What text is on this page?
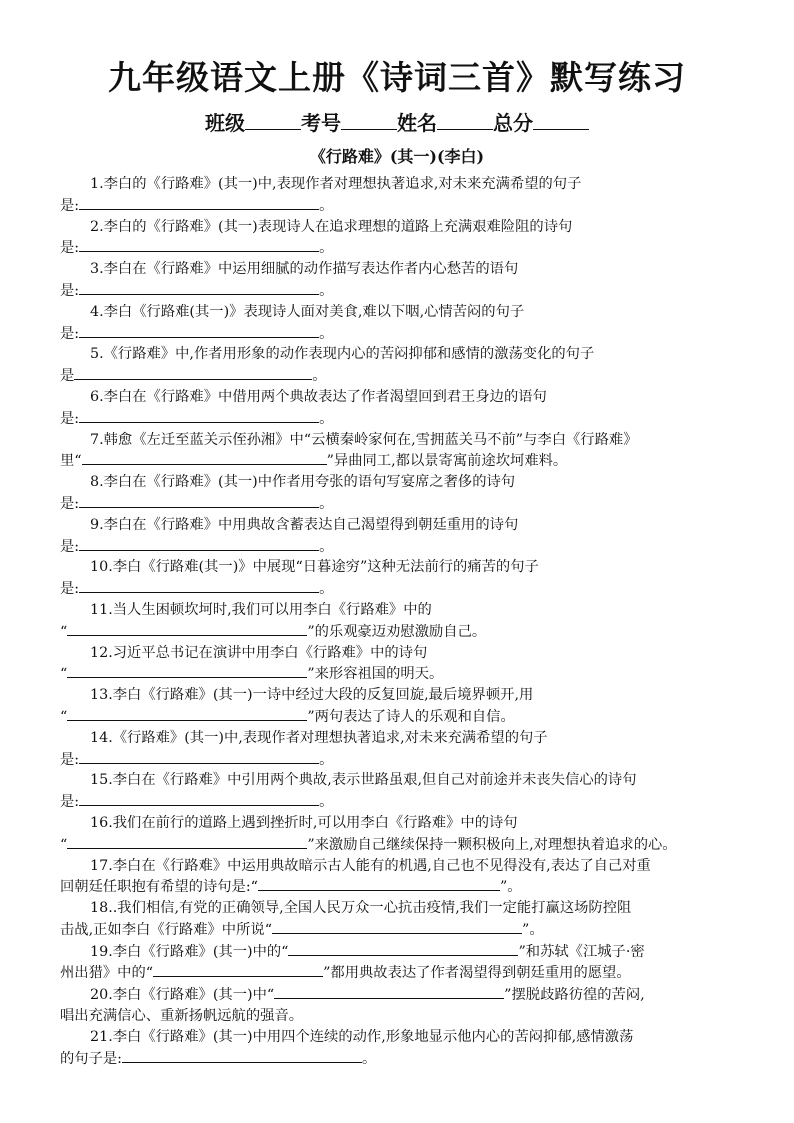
九年级语文上册《诗词三首》默写练习
班级	考号	姓名	总分
《行路难》(其一)(李白)
1.李白的《行路难》(其一)中,表现作者对理想执著追求,对未来充满希望的句子
是:	。
2.李白的《行路难》(其一)表现诗人在追求理想的道路上充满艰难险阻的诗句
是:	。
3.李白在《行路难》中运用细腻的动作描写表达作者内心愁苦的语句
是:	。
4.李白《行路难(其一)》表现诗人面对美食,难以下咽,心情苦闷的句子
是:	。
5.《行路难》中,作者用形象的动作表现内心的苦闷抑郁和感情的激荡变化的句子
是	。
6.李白在《行路难》中借用两个典故表达了作者渴望回到君王身边的语句
是:	。
7.韩愈《左迁至蓝关示侄孙湘》中“云横秦岭家何在,雪拥蓝关马不前”与李白《行路难》
里“	”异曲同工,都以景寄寓前途坎坷难料。
8.李白在《行路难》(其一)中作者用夸张的语句写宴席之奢侈的诗句
是:	。
9.李白在《行路难》中用典故含蓄表达自己渴望得到朝廷重用的诗句
是:	。
10.李白《行路难(其一)》中展现“日暮途穷”这种无法前行的痛苦的句子
是:	。
11.当人生困顿坎坷时,我们可以用李白《行路难》中的
“	”的乐观豪迈劝慰激励自己。
12.习近平总书记在演讲中用李白《行路难》中的诗句
“	”来形容祖国的明天。
13.李白《行路难》(其一)一诗中经过大段的反复回旋,最后境界顿开,用
“	”两句表达了诗人的乐观和自信。
14.《行路难》(其一)中,表现作者对理想执著追求,对未来充满希望的句子
是:	。
15.李白在《行路难》中引用两个典故,表示世路虽艰,但自己对前途并未丧失信心的诗句
是:	。
16.我们在前行的道路上遇到挫折时,可以用李白《行路难》中的诗句
“	”来激励自己继续保持一颗积极向上,对理想执着追求的心。
17.李白在《行路难》中运用典故暗示古人能有的机遇,自己也不见得没有,表达了自己对重
回朝廷任职抱有希望的诗句是:“	”。
18..我们相信,有党的正确领导,全国人民万众一心抗击疫情,我们一定能打赢这场防控阻
击战,正如李白《行路难》中所说“	”。
19.李白《行路难》(其一)中的“	”和苏轼《江城子·密
州出猎》中的“	”都用典故表达了作者渴望得到朝廷重用的愿望。
20.李白《行路难》(其一)中“	”摆脱歧路彷徨的苦闷,
唱出充满信心、重新扬帆远航的强音。
21.李白《行路难》(其一)中用四个连续的动作,形象地显示他内心的苦闷抑郁,感情激荡
的句子是:	。
